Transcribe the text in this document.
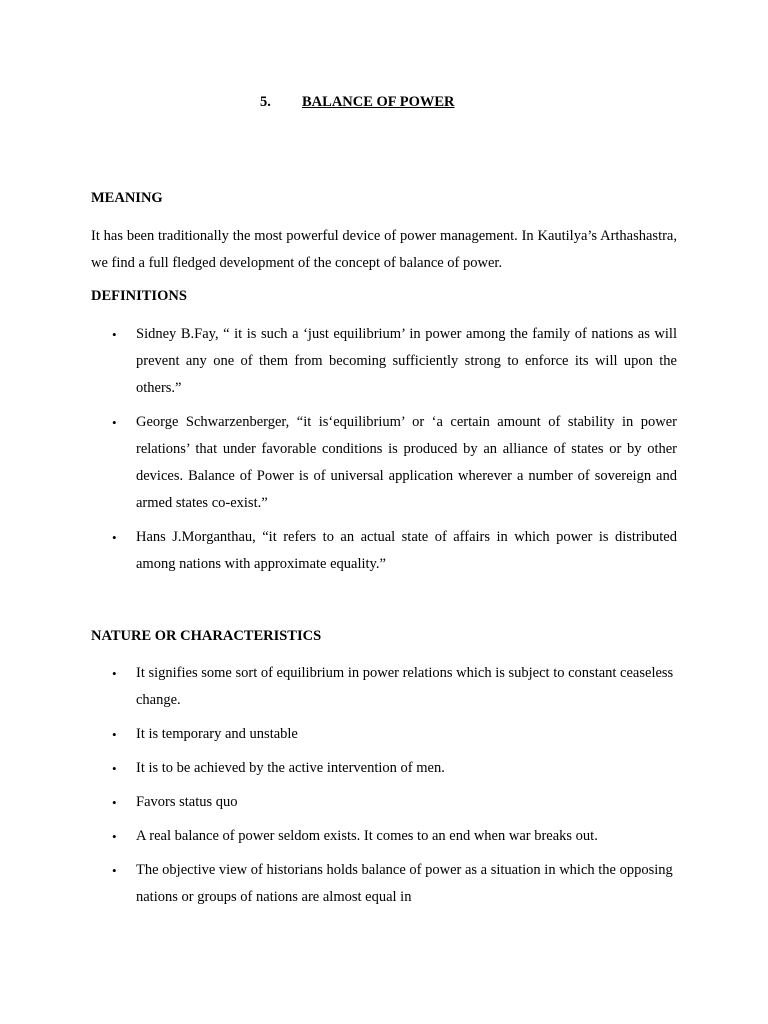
5. BALANCE OF POWER
MEANING
It has been traditionally the most powerful device of power management. In Kautilya’s Arthashastra, we find a full fledged development of the concept of balance of power.
DEFINITIONS
• Sidney B.Fay, “ it is such a ‘just equilibrium’ in power among the family of nations as will prevent any one of them from becoming sufficiently strong to enforce its will upon the others.”
• George Schwarzenberger, “it is‘equilibrium’ or ‘a certain amount of stability in power relations’ that under favorable conditions is produced by an alliance of states or by other devices. Balance of Power is of universal application wherever a number of sovereign and armed states co-exist.”
• Hans J.Morganthau, “it refers to an actual state of affairs in which power is distributed among nations with approximate equality.”
NATURE OR CHARACTERISTICS
• It signifies some sort of equilibrium in power relations which is subject to constant ceaseless change.
• It is temporary and unstable
• It is to be achieved by the active intervention of men.
• Favors status quo
• A real balance of power seldom exists. It comes to an end when war breaks out.
• The objective view of historians holds balance of power as a situation in which the opposing nations or groups of nations are almost equal in
